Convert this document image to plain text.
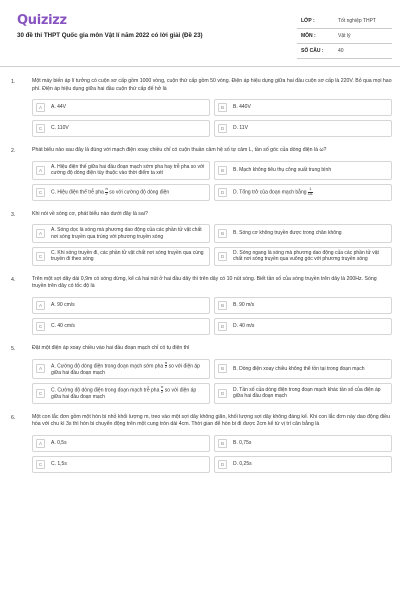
Quizizz
30 đề thi THPT Quốc gia môn Vật lí năm 2022 có lời giải (Đề 23)
LỚP :	Tốt nghiệp THPT
MÔN :	Vật lý
SỐ CÂU :	40
1.	Một máy biến áp lí tưởng có cuộn sơ cấp gồm 1000 vòng, cuộn thứ cấp gồm 50 vòng. Điện áp hiệu dụng giữa hai đầu cuộn sơ cấp là 220V. Bỏ qua mọi hao phí. Điện áp hiệu dụng giữa hai đầu cuộn thứ cấp để hở là
A	A. 44V	B	B. 440V
C	C. 110V	D	D. 11V
2.	Phát biểu nào sau đây là đúng với mạch điện xoay chiều chỉ có cuộn thuần cảm hệ số tự cảm L, tần số góc của dòng điện là ω?
A
A. Hiệu điện thế giữa hai đầu đoạn mạch sớm pha hay trễ pha so với cường độ dòng điện tùy thuộc vào thời điểm ta xét	B	B. Mạch không tiêu thụ công suất trung bình
C	C. Hiệu điện thế trễ pha $\frac{\pi}{2}$ so với cường độ dòng điện	D	D. Tổng trở của đoạn mạch bằng $\frac{1}{\omega L}$
3.	Khi nói về sóng cơ, phát biểu nào dưới đây là sai?
A
A. Sóng dọc là sóng mà phương dao động của các phần tử vật chất nơi sóng truyền qua trùng với phương truyền sóng	B	B. Sóng cơ không truyền được trong chân không
C
C. Khi sóng truyền đi, các phần tử vật chất nơi sóng truyền qua cùng truyền đi theo sóng	D
D. Sóng ngang là sóng mà phương dao động của các phần tử vật chất nơi sóng truyền qua vuông góc với phương truyền sóng
4.	Trên một sợi dây dài 0,9m có sóng dừng, kể cả hai nút ở hai đầu dây thì trên dây có 10 nút sóng. Biết tần số của sóng truyền trên dây là 200Hz. Sóng truyền trên dây có tốc độ là
A	A. 90 cm/s	B	B. 90 m/s
C	C. 40 cm/s	D	D. 40 m/s
5.	Đặt một điện áp xoay chiều vào hai đầu đoạn mạch chỉ có tụ điện thì
A	A. Cường độ dòng điện trong đoạn mạch sớm pha $\frac{\pi}{2}$ so với điện áp giữa hai đầu đoạn mạch
B	B. Dòng điện xoay chiều không thể tồn tại trong đoạn mạch
C	C. Cường độ dòng điện trong đoạn mạch trễ pha $\frac{\pi}{2}$ so với điện áp giữa hai đầu đoạn mạch
D
D. Tần số của dòng điện trong đoạn mạch khác tần số của điện áp giữa hai đầu đoạn mạch
6.	Một con lắc đơn gồm một hòn bi nhỏ khối lượng m, treo vào một sợi dây không giãn, khối lượng sợi dây không đáng kể. Khi con lắc đơn này dao động điều hòa với chu kì 3s thì hòn bi chuyển động trên một cung tròn dài 4cm. Thời gian để hòn bi đi được 2cm kể từ vị trí cân bằng là
A	A. 0,5s	B	B. 0,75s
C	C. 1,5s	D	D. 0,25s
